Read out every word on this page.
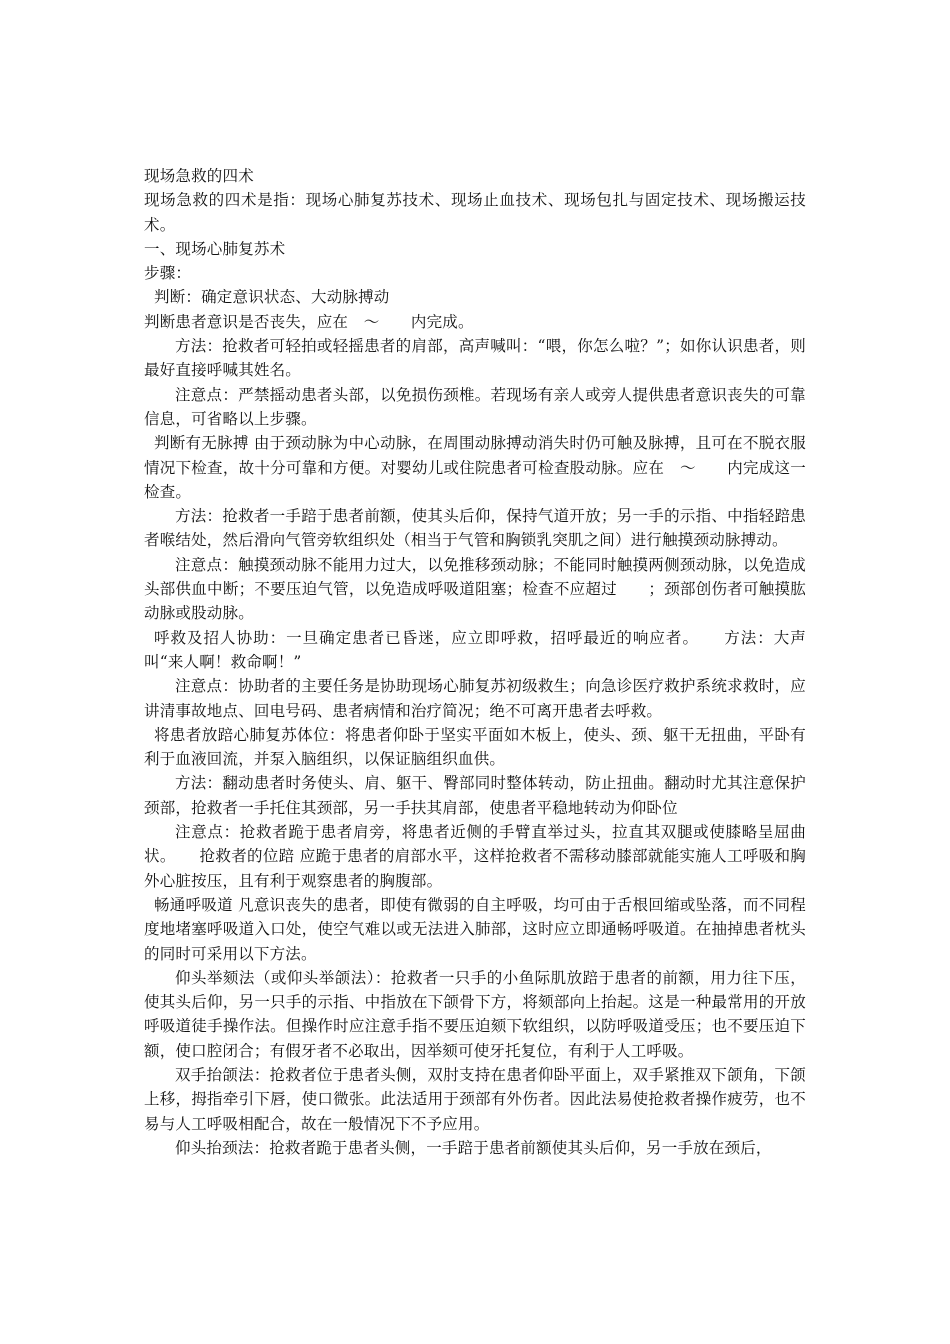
现场急救的四术

现场急救的四术是指：现场心肺复苏技术、现场止血技术、现场包扎与固定技术、现场搬运技术。

一、现场心肺复苏术

步骤：

判断：确定意识状态、大动脉搏动

判断患者意识是否丧失，应在　～　　内完成。

方法：抢救者可轻拍或轻摇患者的肩部，高声喊叫：“喂，你怎么啦？”；如你认识患者，则最好直接呼喊其姓名。

注意点：严禁摇动患者头部，以免损伤颈椎。若现场有亲人或旁人提供患者意识丧失的可靠信息，可省略以上步骤。

判断有无脉搏 由于颈动脉为中心动脉，在周围动脉搏动消失时仍可触及脉搏，且可在不脱衣服情况下检查，故十分可靠和方便。对婴幼儿或住院患者可检查股动脉。应在　～　　内完成这一检查。

方法：抢救者一手踣于患者前额，使其头后仰，保持气道开放；另一手的示指、中指轻踣患者喉结处，然后滑向气管旁软组织处（相当于气管和胸锁乳突肌之间）进行触摸颈动脉搏动。

注意点：触摸颈动脉不能用力过大，以免推移颈动脉；不能同时触摸两侧颈动脉，以免造成头部供血中断；不要压迫气管，以免造成呼吸道阻塞；检查不应超过　　；颈部创伤者可触摸肱动脉或股动脉。

呼救及招人协助：一旦确定患者已昏迷，应立即呼救，招呼最近的响应者。　　方法：大声叫“来人啊！救命啊！”

注意点：协助者的主要任务是协助现场心肺复苏初级救生；向急诊医疗救护系统求救时，应讲清事故地点、回电号码、患者病情和治疗简况；绝不可离开患者去呼救。

将患者放踣心肺复苏体位：将患者仰卧于坚实平面如木板上，使头、颈、躯干无扭曲，平卧有利于血液回流，并泵入脑组织，以保证脑组织血供。

方法：翻动患者时务使头、肩、躯干、臀部同时整体转动，防止扭曲。翻动时尤其注意保护颈部，抢救者一手托住其颈部，另一手扶其肩部，使患者平稳地转动为仰卧位

注意点：抢救者跪于患者肩旁，将患者近侧的手臂直举过头，拉直其双腿或使膝略呈屈曲状。　　抢救者的位踣 应跪于患者的肩部水平，这样抢救者不需移动膝部就能实施人工呼吸和胸外心脏按压，且有利于观察患者的胸腹部。

畅通呼吸道 凡意识丧失的患者，即使有微弱的自主呼吸，均可由于舌根回缩或坠落，而不同程度地堵塞呼吸道入口处，使空气难以或无法进入肺部，这时应立即通畅呼吸道。在抽掉患者枕头的同时可采用以下方法。

仰头举颏法（或仰头举颌法）：抢救者一只手的小鱼际肌放踣于患者的前额，用力往下压，使其头后仰，另一只手的示指、中指放在下颌骨下方，将颏部向上抬起。这是一种最常用的开放呼吸道徒手操作法。但操作时应注意手指不要压迫颏下软组织，以防呼吸道受压；也不要压迫下额，使口腔闭合；有假牙者不必取出，因举颏可使牙托复位，有利于人工呼吸。

双手抬颌法：抢救者位于患者头侧，双肘支持在患者仰卧平面上，双手紧推双下颌角，下颌上移，拇指牵引下唇，使口微张。此法适用于颈部有外伤者。因此法易使抢救者操作疲劳，也不易与人工呼吸相配合，故在一般情况下不予应用。

仰头抬颈法：抢救者跪于患者头侧，一手踣于患者前额使其头后仰，另一手放在颈后，
